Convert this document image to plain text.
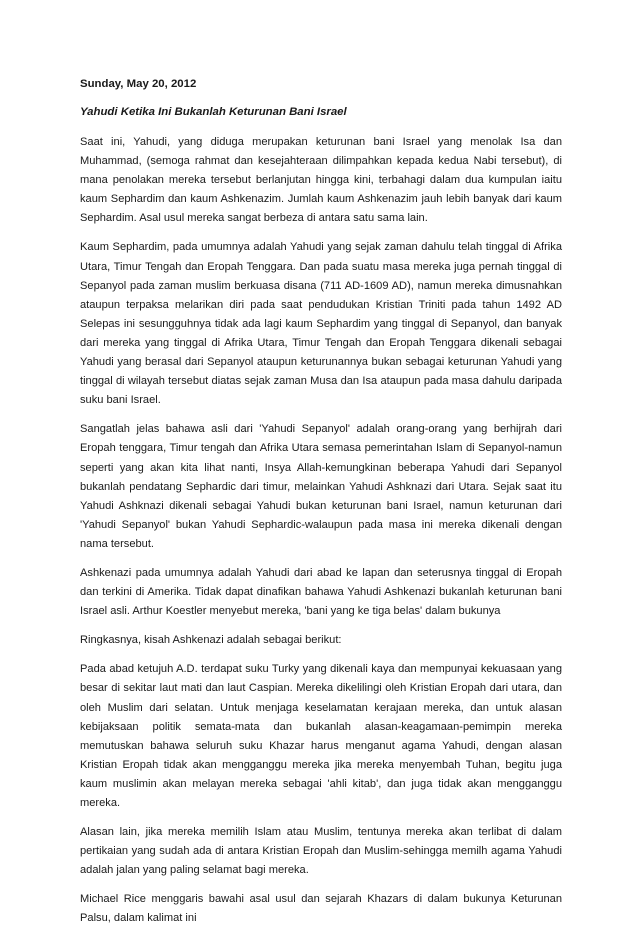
Sunday, May 20, 2012
Yahudi Ketika Ini Bukanlah Keturunan Bani Israel

Saat ini, Yahudi, yang diduga merupakan keturunan bani Israel yang menolak Isa dan Muhammad, (semoga rahmat dan kesejahteraan dilimpahkan kepada kedua Nabi tersebut), di mana penolakan mereka tersebut berlanjutan hingga kini, terbahagi dalam dua kumpulan iaitu kaum Sephardim dan kaum Ashkenazim. Jumlah kaum Ashkenazim jauh lebih banyak dari kaum Sephardim. Asal usul mereka sangat berbeza di antara satu sama lain.

Kaum Sephardim, pada umumnya adalah Yahudi yang sejak zaman dahulu telah tinggal di Afrika Utara, Timur Tengah dan Eropah Tenggara. Dan pada suatu masa mereka juga pernah tinggal di Sepanyol pada zaman muslim berkuasa disana (711 AD-1609 AD), namun mereka dimusnahkan ataupun terpaksa melarikan diri pada saat pendudukan Kristian Triniti pada tahun 1492 AD Selepas ini sesungguhnya tidak ada lagi kaum Sephardim yang tinggal di Sepanyol, dan banyak dari mereka yang tinggal di Afrika Utara, Timur Tengah dan Eropah Tenggara dikenali sebagai Yahudi yang berasal dari Sepanyol ataupun keturunannya bukan sebagai keturunan Yahudi yang tinggal di wilayah tersebut diatas sejak zaman Musa dan Isa ataupun pada masa dahulu daripada suku bani Israel.

Sangatlah jelas bahawa asli dari 'Yahudi Sepanyol' adalah orang-orang yang berhijrah dari Eropah tenggara, Timur tengah dan Afrika Utara semasa pemerintahan Islam di Sepanyol-namun seperti yang akan kita lihat nanti, Insya Allah-kemungkinan beberapa Yahudi dari Sepanyol bukanlah pendatang Sephardic dari timur, melainkan Yahudi Ashknazi dari Utara. Sejak saat itu Yahudi Ashknazi dikenali sebagai Yahudi bukan keturunan bani Israel, namun keturunan dari 'Yahudi Sepanyol' bukan Yahudi Sephardic-walaupun pada masa ini mereka dikenali dengan nama tersebut.

Ashkenazi pada umumnya adalah Yahudi dari abad ke lapan dan seterusnya tinggal di Eropah dan terkini di Amerika. Tidak dapat dinafikan bahawa Yahudi Ashkenazi bukanlah keturunan bani Israel asli. Arthur Koestler menyebut mereka, 'bani yang ke tiga belas' dalam bukunya

Ringkasnya, kisah Ashkenazi adalah sebagai berikut:

Pada abad ketujuh A.D. terdapat suku Turky yang dikenali kaya dan mempunyai kekuasaan yang besar di sekitar laut mati dan laut Caspian. Mereka dikelilingi oleh Kristian Eropah dari utara, dan oleh Muslim dari selatan. Untuk menjaga keselamatan kerajaan mereka, dan untuk alasan kebijaksaan politik semata-mata dan bukanlah alasan-keagamaan-pemimpin mereka memutuskan bahawa seluruh suku Khazar harus menganut agama Yahudi, dengan alasan Kristian Eropah tidak akan mengganggu mereka jika mereka menyembah Tuhan, begitu juga kaum muslimin akan melayan mereka sebagai 'ahli kitab', dan juga tidak akan mengganggu mereka.

Alasan lain, jika mereka memilih Islam atau Muslim, tentunya mereka akan terlibat di dalam pertikaian yang sudah ada di antara Kristian Eropah dan Muslim-sehingga memilh agama Yahudi adalah jalan yang paling selamat bagi mereka.

Michael Rice menggaris bawahi asal usul dan sejarah Khazars di dalam bukunya Keturunan Palsu, dalam kalimat ini
